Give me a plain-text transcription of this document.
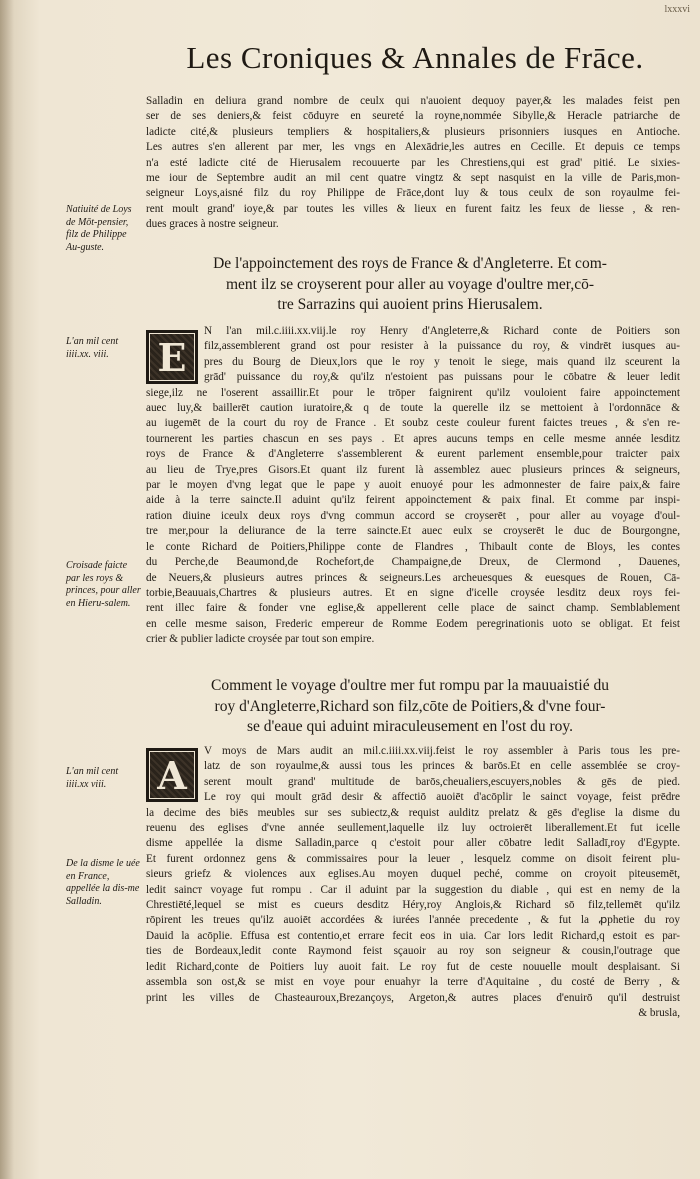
Les Croniques & Annales de Frāce.
lxxxvi
Salladin en deliura grand nombre de ceulx qui n'auoient dequoy payer,& les malades feist pen
ser de ses deniers,& feist cōduyre en seureté la royne,nommée Sibylle,& Heracle patriarche de
ladicte cité,& plusieurs templiers & hospitaliers,& plusieurs prisonniers iusques en Antioche.
Les autres s'en allerent par mer, les vngs en Alexādrie,les autres en Cecille. Et depuis ce temps
n'a esté ladicte cité de Hierusalem recouuerte par les Chrestiens,qui est grad' pitié. Le sixies-
me iour de Septembre audit an mil cent quatre vingtz & sept nasquist en la ville de Paris,mon-
seigneur Loys,aisné filz du roy Philippe de Frāce,dont luy & tous ceulx de son royaulme fei-
rent moult grand' ioye,& par toutes les villes & lieux en furent faitz les feux de liesse , & ren-
dues graces à nostre seigneur.
De l'appoinctement des roys de France & d'Angleterre. Et com-
ment ilz se croyserent pour aller au voyage d'oultre mer,cō-
tre Sarrazins qui auoient prins Hierusalem.
E
N l'an mil.c.iiii.xx.viij.le roy Henry d'Angleterre,& Richard conte de Poitiers son
filz,assemblerent grand ost pour resister à la puissance du roy, & vindrēt iusques au-
pres du Bourg de Dieux,lors que le roy y tenoit le siege, mais quand ilz sceurent la
grād' puissance du roy,& qu'ilz n'estoient pas puissans pour le cōbatre & leuer ledit
siege,ilz ne l'oserent assaillir.Et pour le trōper faignirent qu'ilz vouloient faire appoinctement
auec luy,& baillerēt caution iuratoire,& q de toute la querelle ilz se mettoient à l'ordonnāce &
au iugemēt de la court du roy de France . Et soubz ceste couleur furent faictes treues , & s'en re-
tournerent les parties chascun en ses pays . Et apres aucuns temps en celle mesme année lesditz
roys de France & d'Angleterre s'assemblerent & eurent parlement ensemble,pour traicter paix
au lieu de Trye,pres Gisors.Et quant ilz furent là assemblez auec plusieurs princes & seigneurs,
par le moyen d'vng legat que le pape y auoit enuoyé pour les admonnester de faire paix,& faire
aide à la terre saincte.Il aduint qu'ilz feirent appoinctement & paix final. Et comme par inspi-
ration diuine iceulx deux roys d'vng commun accord se croyserēt , pour aller au voyage d'oul-
tre mer,pour la deliurance de la terre saincte.Et auec eulx se croyserēt le duc de Bourgongne,
le conte Richard de Poitiers,Philippe conte de Flandres , Thibault conte de Bloys, les contes
du Perche,de Beaumond,de Rochefort,de Champaigne,de Dreux, de Clermond , Dauenes,
de Neuers,& plusieurs autres princes & seigneurs.Les archeuesques & euesques de Rouen, Cā-
torbie,Beauuais,Chartres & plusieurs autres. Et en signe d'icelle croysée lesditz deux roys fei-
rent illec faire & fonder vne eglise,& appellerent celle place de sainct champ. Semblablement
en celle mesme saison, Frederic empereur de Romme Eodem peregrinationis uoto se obligat. Et feist
crier & publier ladicte croysée par tout son empire.
Comment le voyage d'oultre mer fut rompu par la mauuaistié du
roy d'Angleterre,Richard son filz,cōte de Poitiers,& d'vne four-
se d'eaue qui aduint miraculeusement en l'ost du roy.
A
V moys de Mars audit an mil.c.iiii.xx.viij.feist le roy assembler à Paris tous les pre-
latz de son royaulme,& aussi tous les princes & barōs.Et en celle assemblée se croy-
serent moult grand' multitude de barōs,cheualiers,escuyers,nobles & gēs de pied.
Le roy qui moult grād desir & affectiō auoiēt d'acōplir le sainct voyage, feist prēdre
la decime des biēs meubles sur ses subiectz,& requist aulditz prelatz & gēs d'eglise la disme du
reuenu des eglises d'vne année seullement,laquelle ilz luy octroierēt liberallement.Et fut icelle
disme appellée la disme Salladin,parce q c'estoit pour aller cōbatre ledit Salladī,roy d'Egypte.
Et furent ordonnez gens & commissaires pour la leuer , lesquelz comme on disoit feirent plu-
sieurs griefz & violences aux eglises.Au moyen duquel peché, comme on croyoit piteusemēt,
ledit saincт voyage fut rompu . Car il aduint par la suggestion du diable , qui est en nemy de la
Chrestiēté,lequel se mist es cueurs desditz Héry,roy Anglois,& Richard sō filz,tellemēt qu'ilz
rōpirent les treues qu'ilz auoiēt accordées & iurées l'année precedente , & fut la ꝓphetie du roy
Dauid la acōplie. Effusa est contentio,et errare fecit eos in uia. Car lors ledit Richard,q estoit es par-
ties de Bordeaux,ledit conte Raymond feist sçauoir au roy son seigneur & cousin,l'outrage que
ledit Richard,conte de Poitiers luy auoit fait. Le roy fut de ceste nouuelle moult desplaisant. Si
assembla son ost,& se mist en voye pour enuahyr la terre d'Aquitaine , du costé de Berry , &
print les villes de Chasteauroux,Brezançoys, Argeton,& autres places d'enuirō qu'il destruist
& brusla,
Natiuité de Loys de Mōt-pensier, filz de Philippe Au-guste.
L'an mil cent iiii.xx. viii.
Croisade faicte par les roys & princes, pour aller en Hieru-salem.
L'an mil cent iiii.xx viii.
De la disme le uée en France, appellée la dis-me Salladin.
